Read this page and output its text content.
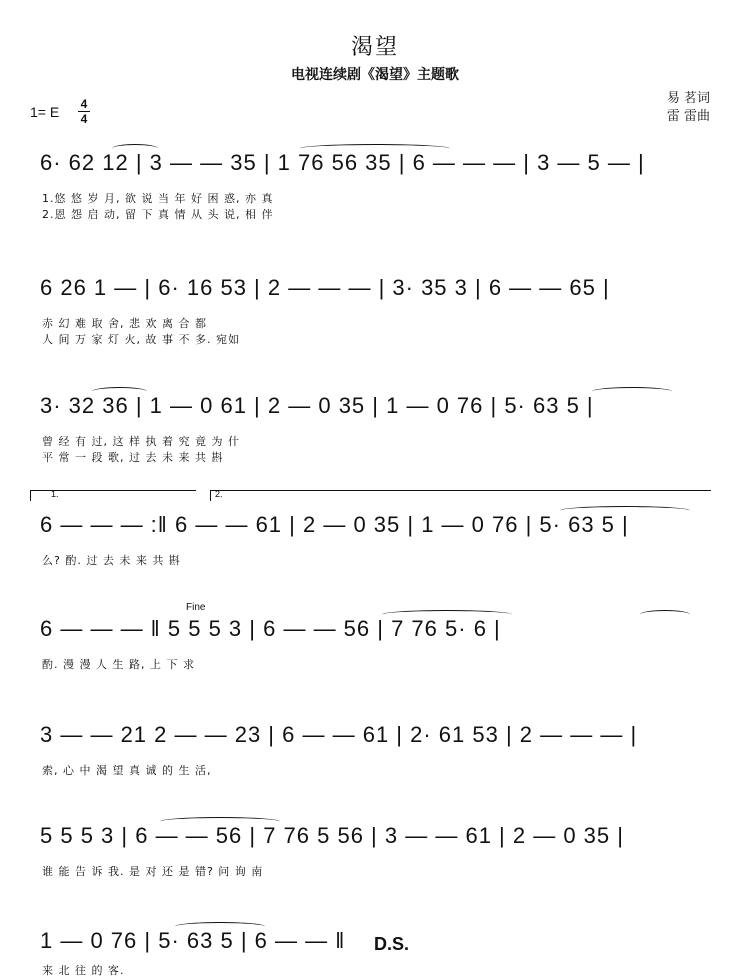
渴望
电视连续剧《渴望》主题歌
1= E 4
4
易 茗词
雷 雷曲
6· 62 12 | 3 — — 35 | 1 76 56 35 | 6 — — — | 3 — 5 — |
1.悠 悠 岁 月, 欲 说 当 年 好 困 惑, 亦 真
2.恩 怨 启 动, 留 下 真 情 从 头 说, 相 伴
6 26 1 — | 6· 16 53 | 2 — — — | 3· 35 3 | 6 — — 65 |
赤 幻 难 取 舍, 悲 欢 离 合 都
人 间 万 家 灯 火, 故 事 不 多. 宛如
3· 32 36 | 1 — 0 61 | 2 — 0 35 | 1 — 0 76 | 5· 63 5 |
曾 经 有 过, 这 样 执 着 究 竟 为 什
平 常 一 段 歌, 过 去 未 来 共 斟
1.	2.
6 — — — :‖ 6 — — 61 | 2 — 0 35 | 1 — 0 76 | 5· 63 5 |
么? 酌. 过 去 未 来 共 斟
Fine
6 — — — ‖ 5 5 5 3 | 6 — — 56 | 7 76 5· 6 |
酌. 漫 漫 人 生 路, 上 下 求
3 — — 21 2 — — 23 | 6 — — 61 | 2· 61 53 | 2 — — — |
索, 心 中 渴 望 真 诚 的 生 活,
5 5 5 3 | 6 — — 56 | 7 76 5 56 | 3 — — 61 | 2 — 0 35 |
谁 能 告 诉 我. 是 对 还 是 错? 问 询 南
1 — 0 76 | 5· 63 5 | 6 — — ‖
来 北 往 的 客.
D.S.
